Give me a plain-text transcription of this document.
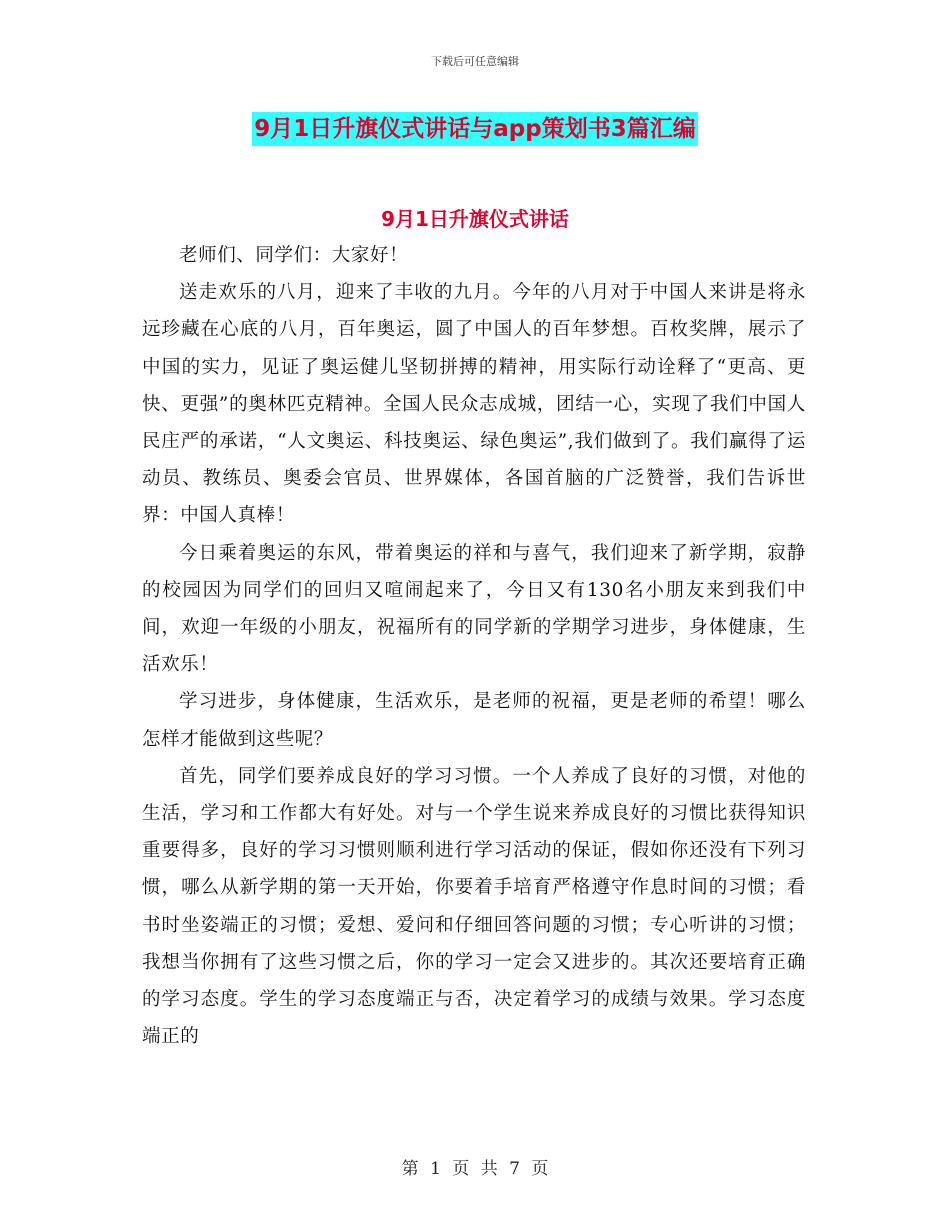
下载后可任意编辑
9月1日升旗仪式讲话与app策划书3篇汇编
9月1日升旗仪式讲话

老师们、同学们：大家好！

送走欢乐的八月，迎来了丰收的九月。今年的八月对于中国人来讲是将永远珍藏在心底的八月，百年奥运，圆了中国人的百年梦想。百枚奖牌，展示了中国的实力，见证了奥运健儿坚韧拼搏的精神，用实际行动诠释了“更高、更快、更强”的奥林匹克精神。全国人民众志成城，团结一心，实现了我们中国人民庄严的承诺，“人文奥运、科技奥运、绿色奥运”,我们做到了。我们赢得了运动员、教练员、奥委会官员、世界媒体，各国首脑的广泛赞誉，我们告诉世界：中国人真棒！

今日乘着奥运的东风，带着奥运的祥和与喜气，我们迎来了新学期，寂静的校园因为同学们的回归又喧闹起来了，今日又有130名小朋友来到我们中间，欢迎一年级的小朋友，祝福所有的同学新的学期学习进步，身体健康，生活欢乐！

学习进步，身体健康，生活欢乐，是老师的祝福，更是老师的希望！哪么怎样才能做到这些呢？

首先，同学们要养成良好的学习习惯。一个人养成了良好的习惯，对他的生活，学习和工作都大有好处。对与一个学生说来养成良好的习惯比获得知识重要得多，良好的学习习惯则顺利进行学习活动的保证，假如你还没有下列习惯，哪么从新学期的第一天开始，你要着手培育严格遵守作息时间的习惯；看书时坐姿端正的习惯；爱想、爱问和仔细回答问题的习惯；专心听讲的习惯；我想当你拥有了这些习惯之后，你的学习一定会又进步的。其次还要培育正确的学习态度。学生的学习态度端正与否，决定着学习的成绩与效果。学习态度端正的

第 1 页 共 7 页
